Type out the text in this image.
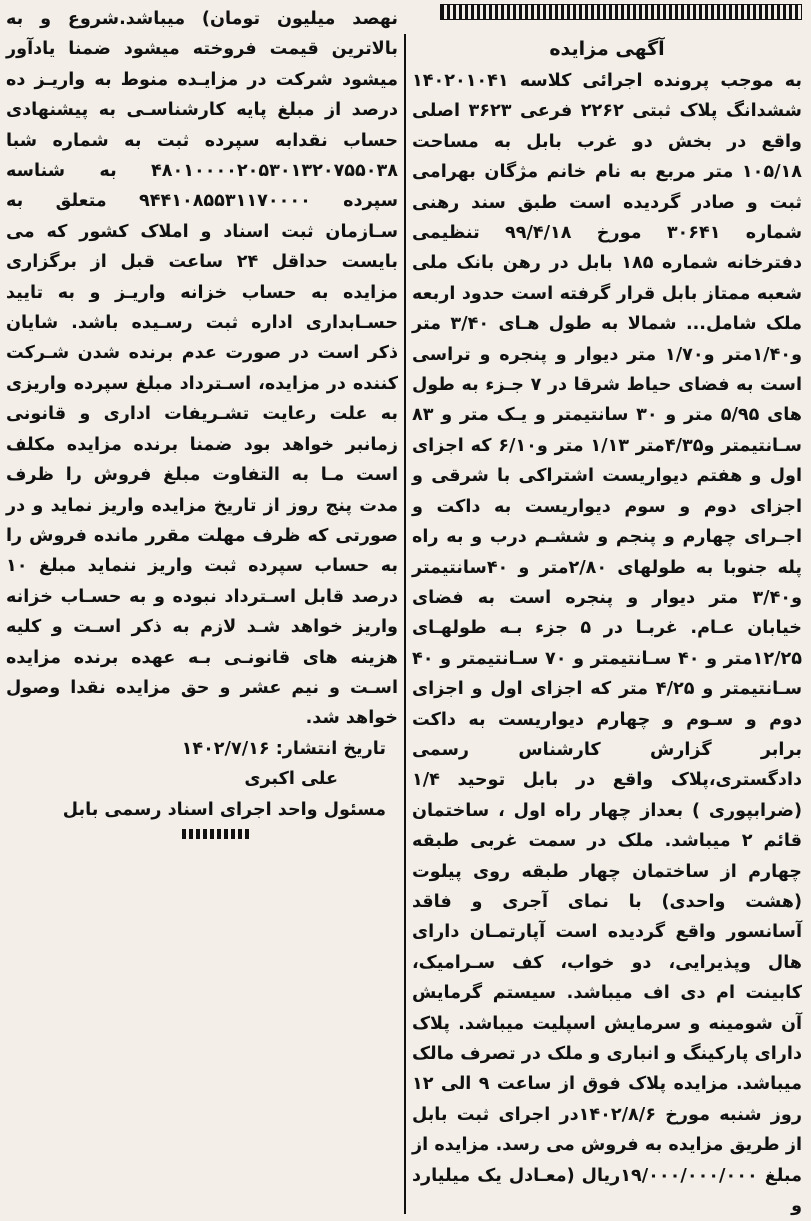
آگهی مزایده

به موجب پرونده اجرائی کلاسه ۱۴۰۲۰۱۰۴۱ ششدانگ پلاک ثبتی ۲۲۶۲ فرعی ۳۶۲۳ اصلی واقع در بخش دو غرب بابل به مساحت ۱۰۵/۱۸ متر مربع به نام خانم مژگان بهرامی ثبت و صادر گردیده است طبق سند رهنی شماره ۳۰۶۴۱ مورخ ۹۹/۴/۱۸ تنظیمی دفترخانه شماره ۱۸۵ بابل در رهن بانک ملی شعبه ممتاز بابل قرار گرفته است حدود اربعه ملک شامل... شمالا به طول هـای ۳/۴۰ متر و۱/۴۰متر و۱/۷۰ متر دیوار و پنجره و تراسی است به فضای حیاط شرقا در ۷ جـزء به طول های ۵/۹۵ متر و ۳۰ سانتیمتر و یـک متر و ۸۳ سـانتیمتر و۴/۳۵متر ۱/۱۳ متر و۶/۱۰ که اجزای اول و هفتم دیواریست اشتراکی با شرقی و اجزای دوم و سوم دیواریست به داکت و اجـرای چهارم و پنجم و ششـم درب و به راه پله جنوبا به طولهای ۲/۸۰متر و ۴۰سانتیمتر و۳/۴۰ متر دیوار و پنجره است به فضای خیابان عـام. غربـا در ۵ جزء بـه طولهـای ۱۲/۲۵متر و ۴۰ سـانتیمتر و ۷۰ سـانتیمتر و ۴۰ سـانتیمتر و ۴/۲۵ متر که اجزای اول و اجزای دوم و سـوم و چهارم دیواریست به داکت برابر گزارش کارشناس رسمی دادگستری،پلاک واقع در بابل توحید ۱/۴ (ضرابپوری ) بعداز چهار راه اول ، ساختمان قائم ۲ میباشد. ملک در سمت غربی طبقه چهارم از ساختمان چهار طبقه روی پیلوت (هشت واحدی) با نمای آجری و فاقد آسانسور واقع گردیده است آپارتمـان دارای هال وپذیرایی، دو خواب، کف سـرامیک، کابینت ام دی اف میباشد. سیستم گرمایش آن شومینه و سرمایش اسپلیت میباشد. پلاک دارای پارکینگ و انباری و ملک در تصرف مالک میباشد. مزایده پلاک فوق از ساعت ۹ الی ۱۲ روز شنبه مورخ ۱۴۰۲/۸/۶در اجرای ثبت بابل از طریق مزایده به فروش می رسد. مزایده از مبلغ ۱۹/۰۰۰/۰۰۰/۰۰۰ریال (معـادل یک میلیارد و

نهصد میلیون تومان) میباشد.شروع و به بالاترین قیمت فروخته میشود ضمنا یادآور میشود شرکت در مزایـده منوط به واریـز ده درصد از مبلغ پایه کارشناسـی به پیشنهادی حساب نقدابه سپرده ثبت به شماره شبا ۴۸۰۱۰۰۰۰۲۰۵۳۰۱۳۲۰۷۵۵۰۳۸ به شناسه سپرده ۹۴۴۱۰۸۵۵۳۱۱۷۰۰۰۰ متعلق به سـازمان ثبت اسناد و املاک کشور که می بایست حداقل ۲۴ ساعت قبل از برگزاری مزایده به حساب خزانه واریـز و به تایید حسـابداری اداره ثبت رسـیده باشد. شایان ذکر است در صورت عدم برنده شدن شـرکت کننده در مزایده، اسـترداد مبلغ سپرده واریزی به علت رعایت تشـریفات اداری و قانونی زمانبر خواهد بود ضمنا برنده مزایده مکلف است مـا به التفاوت مبلغ فروش را ظرف مدت پنج روز از تاریخ مزایده واریز نماید و در صورتی که ظرف مهلت مقرر مانده فروش را به حساب سپرده ثبت واریز ننماید مبلغ ۱۰ درصد قابل اسـترداد نبوده و به حسـاب خزانه واریز خواهد شـد لازم به ذکر اسـت و کلیه هزینه های قانونـی بـه عهده برنده مزایده اسـت و نیم عشر و حق مزایده نقدا وصول خواهد شد.

تاریخ انتشار: ۱۴۰۲/۷/۱۶

علی اکبری

مسئول واحد اجرای اسناد رسمی بابل
